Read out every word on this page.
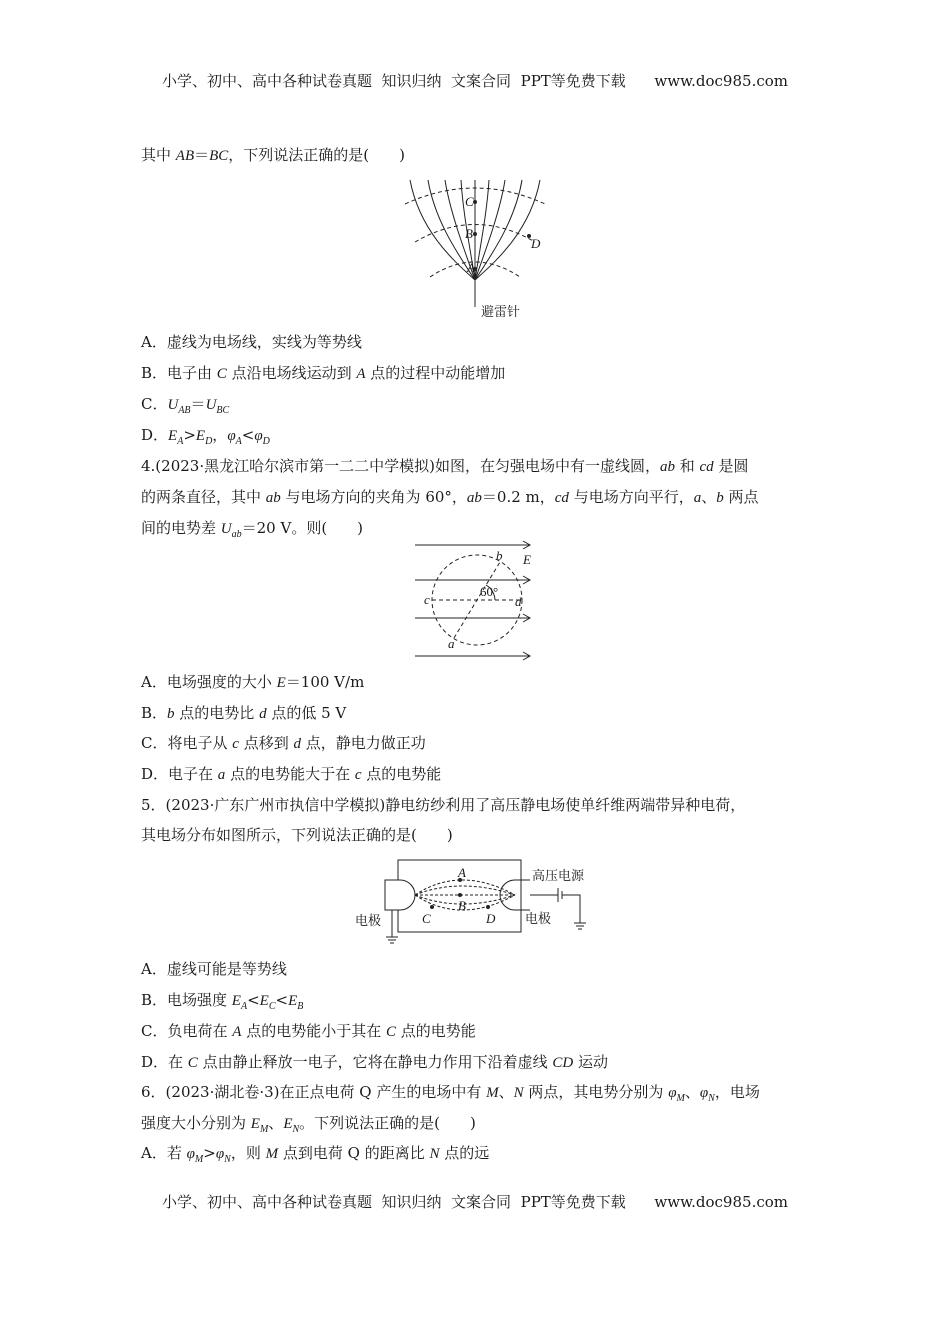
小学、初中、高中各种试卷真题  知识归纳  文案合同  PPT等免费下载      www.doc985.com
其中 AB＝BC，下列说法正确的是(　　)
A．虚线为电场线，实线为等势线
B．电子由 C 点沿电场线运动到 A 点的过程中动能增加
C．$U_{AB}=U_{BC}$
D．$E_A>E_D$，$\varphi_A<\varphi_D$
4.(2023·黑龙江哈尔滨市第一二二中学模拟)如图，在匀强电场中有一虚线圆，ab 和 cd 是圆
的两条直径，其中 ab 与电场方向的夹角为 60°，ab＝0.2 m，cd 与电场方向平行，a、b 两点
间的电势差 $U_{ab}=20$ V。则(　　)
A．电场强度的大小 E＝100 V/m
B．b 点的电势比 d 点的低 5 V
C．将电子从 c 点移到 d 点，静电力做正功
D．电子在 a 点的电势能大于在 c 点的电势能
5．(2023·广东广州市执信中学模拟)静电纺纱利用了高压静电场使单纤维两端带异种电荷，
其电场分布如图所示，下列说法正确的是(　　)
A．虚线可能是等势线
B．电场强度 $E_A<E_C<E_B$
C．负电荷在 A 点的电势能小于其在 C 点的电势能
D．在 C 点由静止释放一电子，它将在静电力作用下沿着虚线 CD 运动
6．(2023·湖北卷·3)在正点电荷 Q 产生的电场中有 M、N 两点，其电势分别为 $\varphi_M$、$\varphi_N$，电场
强度大小分别为 $E_M$、$E_N$。下列说法正确的是(　　)
A．若 $\varphi_M>\varphi_N$，则 M 点到电荷 Q 的距离比 N 点的远
C
B
A
D
避雷针
b E
c	d
a
60°
A
B
C	D
电极	电极
高压电源
小学、初中、高中各种试卷真题  知识归纳  文案合同  PPT等免费下载      www.doc985.com
